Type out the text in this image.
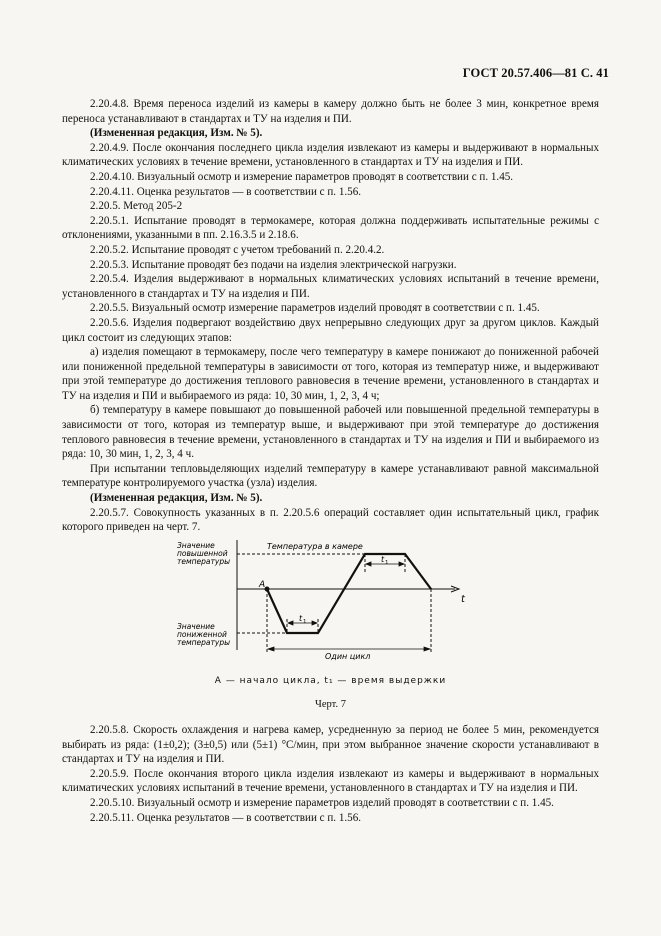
ГОСТ 20.57.406—81 С. 41

2.20.4.8. Время переноса изделий из камеры в камеру должно быть не более 3 мин, конкретное время переноса устанавливают в стандартах и ТУ на изделия и ПИ.

(Измененная редакция, Изм. № 5).

2.20.4.9. После окончания последнего цикла изделия извлекают из камеры и выдерживают в нормальных климатических условиях в течение времени, установленного в стандартах и ТУ на изделия и ПИ.

2.20.4.10. Визуальный осмотр и измерение параметров проводят в соответствии с п. 1.45.

2.20.4.11. Оценка результатов — в соответствии с п. 1.56.

2.20.5. Метод 205-2

2.20.5.1. Испытание проводят в термокамере, которая должна поддерживать испытательные режимы с отклонениями, указанными в пп. 2.16.3.5 и 2.18.6.

2.20.5.2. Испытание проводят с учетом требований п. 2.20.4.2.

2.20.5.3. Испытание проводят без подачи на изделия электрической нагрузки.

2.20.5.4. Изделия выдерживают в нормальных климатических условиях испытаний в течение времени, установленного в стандартах и ТУ на изделия и ПИ.

2.20.5.5. Визуальный осмотр измерение параметров изделий проводят в соответствии с п. 1.45.

2.20.5.6. Изделия подвергают воздействию двух непрерывно следующих друг за другом циклов. Каждый цикл состоит из следующих этапов:

а) изделия помещают в термокамеру, после чего температуру в камере понижают до пониженной рабочей или пониженной предельной температуры в зависимости от того, которая из температур ниже, и выдерживают при этой температуре до достижения теплового равновесия в течение времени, установленного в стандартах и ТУ на изделия и ПИ и выбираемого из ряда: 10, 30 мин, 1, 2, 3, 4 ч;

б) температуру в камере повышают до повышенной рабочей или повышенной предельной температуры в зависимости от того, которая из температур выше, и выдерживают при этой температуре до достижения теплового равновесия в течение времени, установленного в стандартах и ТУ на изделия и ПИ и выбираемого из ряда: 10, 30 мин, 1, 2, 3, 4 ч.

При испытании тепловыделяющих изделий температуру в камере устанавливают равной максимальной температуре контролируемого участка (узла) изделия.

(Измененная редакция, Изм. № 5).

2.20.5.7. Совокупность указанных в п. 2.20.5.6 операций составляет один испытательный цикл, график которого приведен на черт. 7.

Значение
повышенной
температуры
Значение
пониженной
температуры
Температура в камере
A
t
t 1
t 1
Один цикл
А — начало цикла, t₁ — время выдержки
Черт. 7

2.20.5.8. Скорость охлаждения и нагрева камер, усредненную за период не более 5 мин, рекомендуется выбирать из ряда: (1±0,2); (3±0,5) или (5±1) °С/мин, при этом выбранное значение скорости устанавливают в стандартах и ТУ на изделия и ПИ.

2.20.5.9. После окончания второго цикла изделия извлекают из камеры и выдерживают в нормальных климатических условиях испытаний в течение времени, установленного в стандартах и ТУ на изделия и ПИ.

2.20.5.10. Визуальный осмотр и измерение параметров изделий проводят в соответствии с п. 1.45.

2.20.5.11. Оценка результатов — в соответствии с п. 1.56.
